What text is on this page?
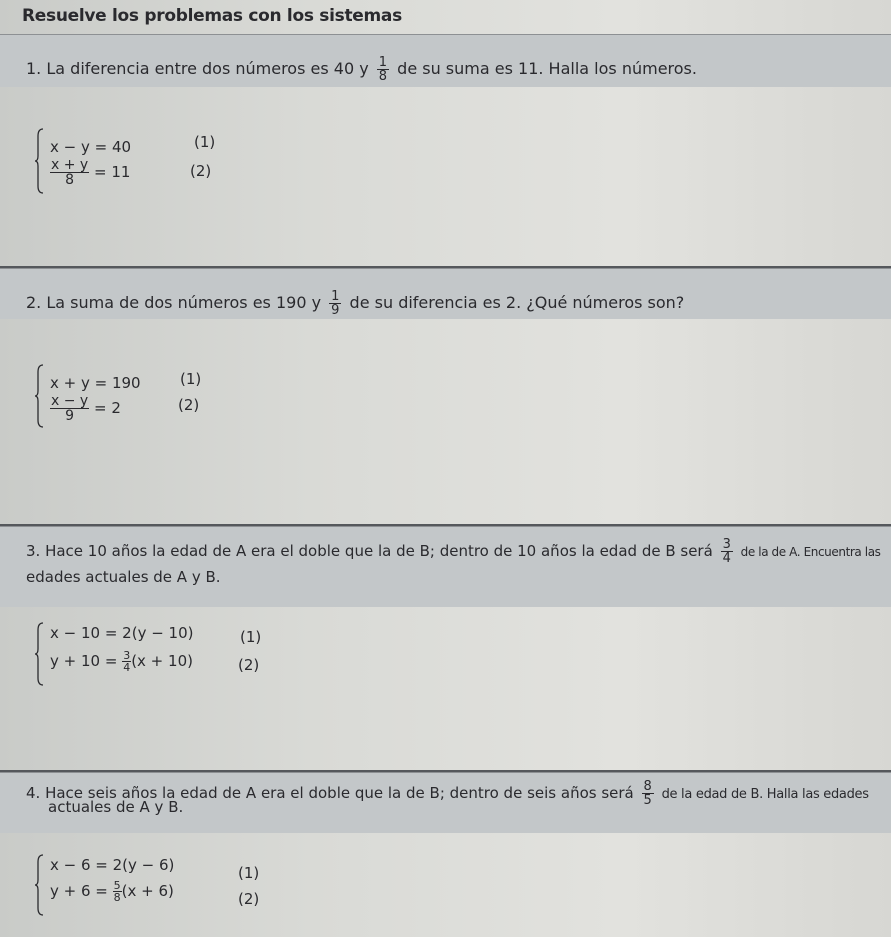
Resuelve los problemas con los sistemas
1. La diferencia entre dos números es 40 y $\frac{1}{8}$ de su suma es 11. Halla los números.
x − y = 40	(1)
$\frac{x + y}{8} = 11$	(2)
2. La suma de dos números es 190 y $\frac{1}{9}$ de su diferencia es 2. ¿Qué números son?
x + y = 190	(1)
$\frac{x - y}{9} = 2$	(2)
3. Hace 10 años la edad de A era el doble que la de B; dentro de 10 años la edad de B será $\frac{3}{4}$ de la de A. Encuentra las
edades actuales de A y B.
x − 10 = 2(y − 10)	(1)
$y + 10 = \frac{3}{4} (x + 10)$	(2)
4. Hace seis años la edad de A era el doble que la de B; dentro de seis años será $\frac{8}{5}$ de la edad de B. Halla las edades
actuales de A y B.
x − 6 = 2(y − 6)	(1)
$y + 6 = \frac{5}{8} (x + 6)$	(2)
